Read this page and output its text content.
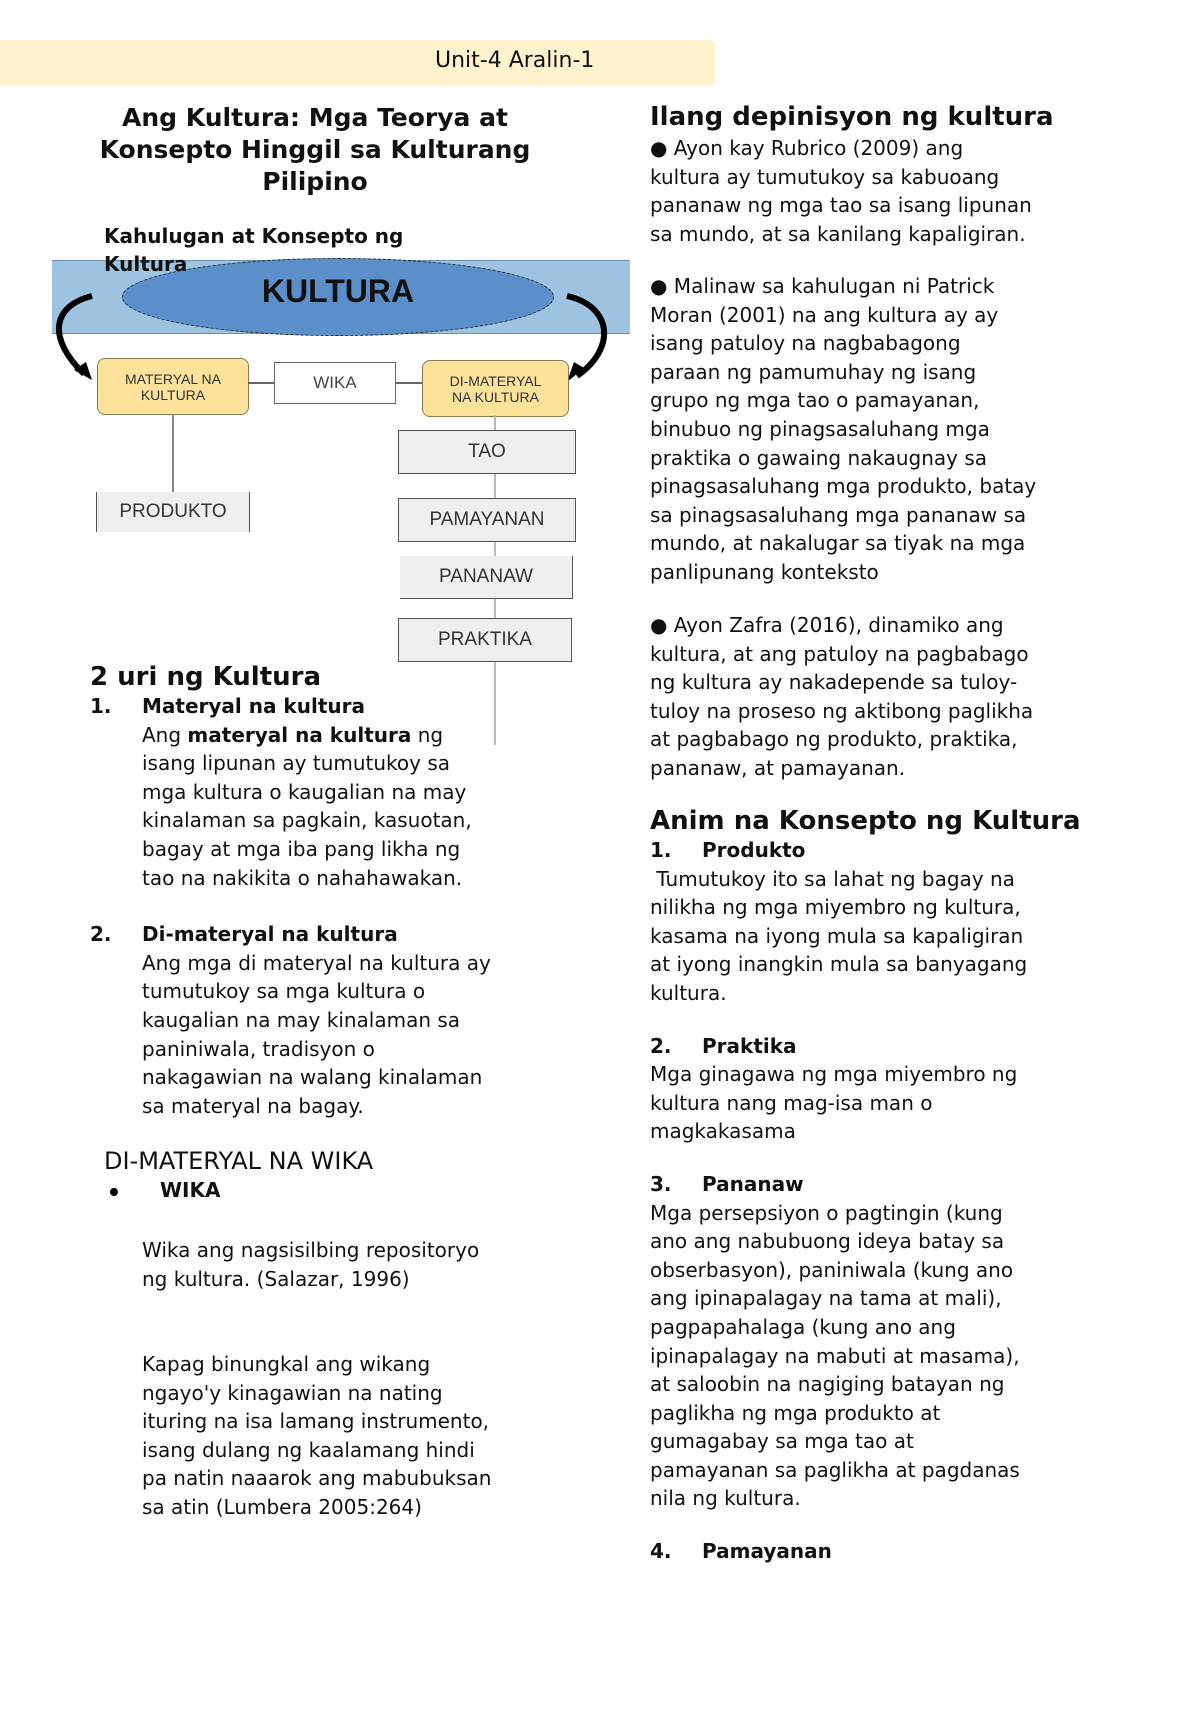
Unit-4 Aralin-1
Ang Kultura: Mga Teorya at
Konsepto Hinggil sa Kulturang
Pilipino
KULTURA
MATERYAL NA
KULTURA
WIKA	DI-MATERYAL
NA KULTURA
PRODUKTO
TAO
PAMAYANAN
PANANAW
PRAKTIKA
Kahulugan at Konsepto ng
Kultura
2 uri ng Kultura
1. Materyal na kultura
Ang materyal na kultura ng
isang lipunan ay tumutukoy sa
mga kultura o kaugalian na may
kinalaman sa pagkain, kasuotan,
bagay at mga iba pang likha ng
tao na nakikita o nahahawakan.
2. Di-materyal na kultura
Ang mga di materyal na kultura ay
tumutukoy sa mga kultura o
kaugalian na may kinalaman sa
paniniwala, tradisyon o
nakagawian na walang kinalaman
sa materyal na bagay.
DI-MATERYAL NA WIKA
WIKA
Wika ang nagsisilbing repositoryo
ng kultura. (Salazar, 1996)
Kapag binungkal ang wikang
ngayo'y kinagawian na nating
ituring na isa lamang instrumento,
isang dulang ng kaalamang hindi
pa natin naaarok ang mabubuksan
sa atin (Lumbera 2005:264)
Ilang depinisyon ng kultura
● Ayon kay Rubrico (2009) ang
kultura ay tumutukoy sa kabuoang
pananaw ng mga tao sa isang lipunan
sa mundo, at sa kanilang kapaligiran.
● Malinaw sa kahulugan ni Patrick
Moran (2001) na ang kultura ay ay
isang patuloy na nagbabagong
paraan ng pamumuhay ng isang
grupo ng mga tao o pamayanan,
binubuo ng pinagsasaluhang mga
praktika o gawaing nakaugnay sa
pinagsasaluhang mga produkto, batay
sa pinagsasaluhang mga pananaw sa
mundo, at nakalugar sa tiyak na mga
panlipunang konteksto
● Ayon Zafra (2016), dinamiko ang
kultura, at ang patuloy na pagbabago
ng kultura ay nakadepende sa tuloy-
tuloy na proseso ng aktibong paglikha
at pagbabago ng produkto, praktika,
pananaw, at pamayanan.
Anim na Konsepto ng Kultura
1. Produkto
Tumutukoy ito sa lahat ng bagay na
nilikha ng mga miyembro ng kultura,
kasama na iyong mula sa kapaligiran
at iyong inangkin mula sa banyagang
kultura.
2. Praktika
Mga ginagawa ng mga miyembro ng
kultura nang mag-isa man o
magkakasama
3. Pananaw
Mga persepsiyon o pagtingin (kung
ano ang nabubuong ideya batay sa
obserbasyon), paniniwala (kung ano
ang ipinapalagay na tama at mali),
pagpapahalaga (kung ano ang
ipinapalagay na mabuti at masama),
at saloobin na nagiging batayan ng
paglikha ng mga produkto at
gumagabay sa mga tao at
pamayanan sa paglikha at pagdanas
nila ng kultura.
4. Pamayanan
